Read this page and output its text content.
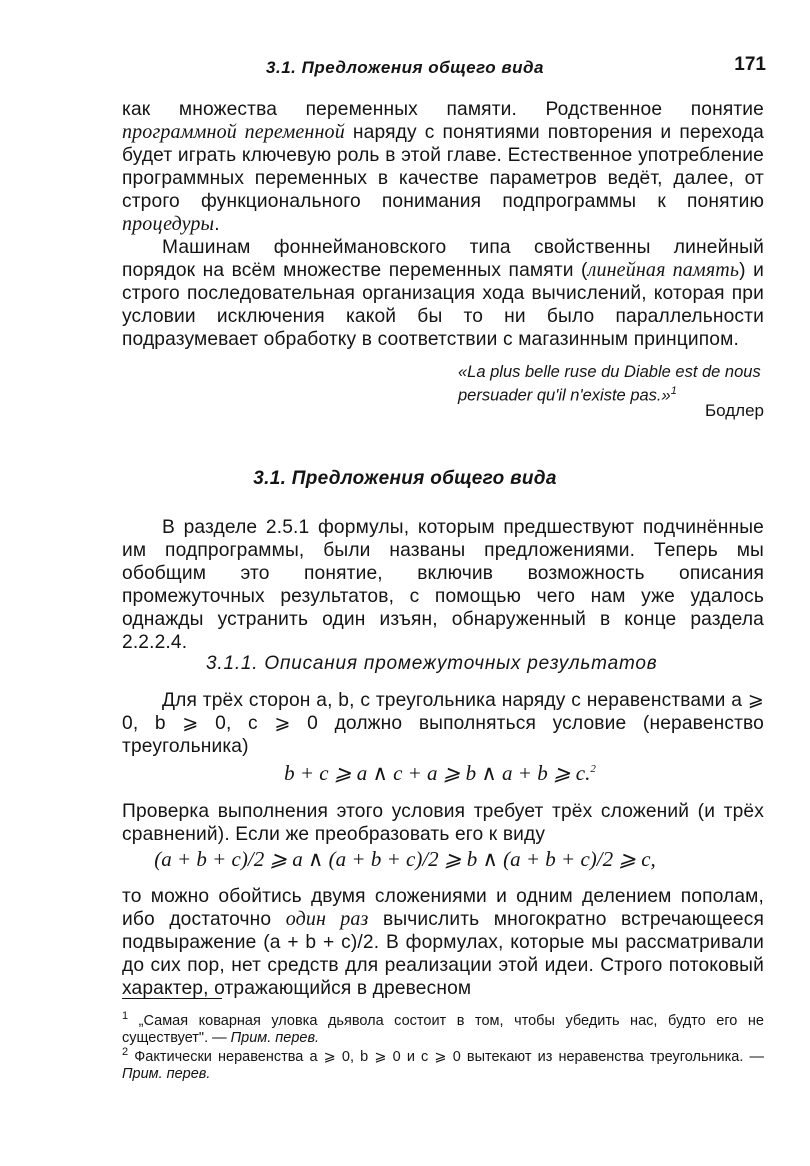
3.1. Предложения общего вида	171

как множества переменных памяти. Родственное понятие программной переменной наряду с понятиями повторения и перехода будет играть ключевую роль в этой главе. Естественное употребление программных переменных в качестве параметров ведёт, далее, от строго функционального понимания подпрограммы к понятию процедуры.

Машинам фоннеймановского типа свойственны линейный порядок на всём множестве переменных памяти (линейная память) и строго последовательная организация хода вычислений, которая при условии исключения какой бы то ни было параллельности подразумевает обработку в соответствии с магазинным принципом.

«La plus belle ruse du Diable est de nous persuader qu'il n'existe pas.»$^1$

Бодлер
3.1. Предложения общего вида

В разделе 2.5.1 формулы, которым предшествуют подчинённые им подпрограммы, были названы предложениями. Теперь мы обобщим это понятие, включив возможность описания промежуточных результатов, с помощью чего нам уже удалось однажды устранить один изъян, обнаруженный в конце раздела 2.2.2.4.

3.1.1. Описания промежуточных результатов

Для трёх сторон a, b, c треугольника наряду с неравенствами a ⩾ 0, b ⩾ 0, c ⩾ 0 должно выполняться условие (неравенство треугольника)

b + c ⩾ a ∧ c + a ⩾ b ∧ a + b ⩾ c.$^2$

Проверка выполнения этого условия требует трёх сложений (и трёх сравнений). Если же преобразовать его к виду

(a + b + c)/2 ⩾ a ∧ (a + b + c)/2 ⩾ b ∧ (a + b + c)/2 ⩾ c,

то можно обойтись двумя сложениями и одним делением пополам, ибо достаточно один раз вычислить многократно встречающееся подвыражение (a + b + c)/2. В формулах, которые мы рассматривали до сих пор, нет средств для реализации этой идеи. Строго потоковый характер, отражающийся в древесном

$^1$ „Самая коварная уловка дьявола состоит в том, чтобы убедить нас, будто его не существует". — Прим. перев.

$^2$ Фактически неравенства a ⩾ 0, b ⩾ 0 и c ⩾ 0 вытекают из неравенства треугольника. — Прим. перев.
